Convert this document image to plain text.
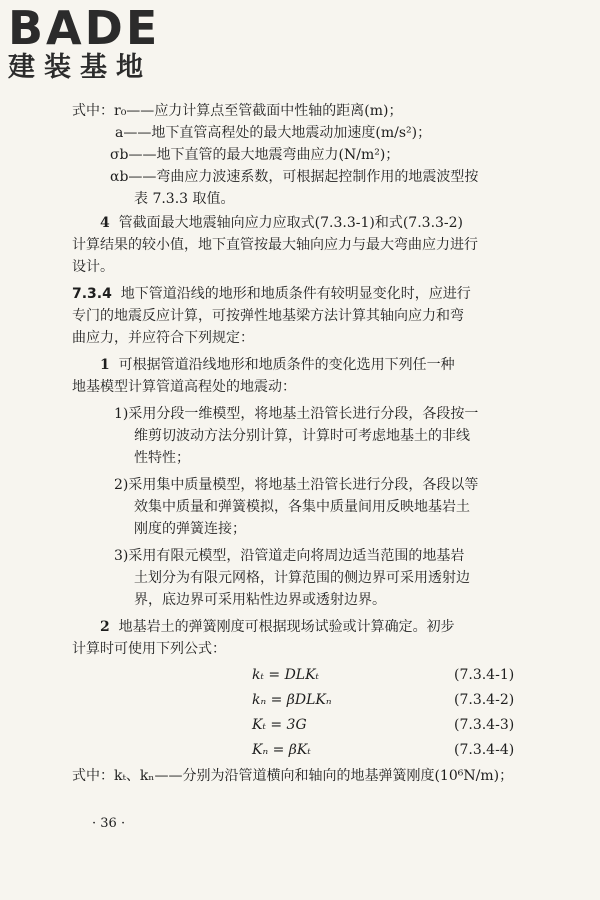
BADE
建装基地
式中：r₀——应力计算点至管截面中性轴的距离(m)；
a——地下直管高程处的最大地震动加速度(m/s²)；
σb——地下直管的最大地震弯曲应力(N/m²)；
αb——弯曲应力波速系数，可根据起控制作用的地震波型按
表 7.3.3 取值。
4 管截面最大地震轴向应力应取式(7.3.3-1)和式(7.3.3-2)
计算结果的较小值，地下直管按最大轴向应力与最大弯曲应力进行
设计。
7.3.4 地下管道沿线的地形和地质条件有较明显变化时，应进行
专门的地震反应计算，可按弹性地基梁方法计算其轴向应力和弯
曲应力，并应符合下列规定：
1 可根据管道沿线地形和地质条件的变化选用下列任一种
地基模型计算管道高程处的地震动：
1)采用分段一维模型，将地基土沿管长进行分段，各段按一
维剪切波动方法分别计算，计算时可考虑地基土的非线
性特性；
2)采用集中质量模型，将地基土沿管长进行分段，各段以等
效集中质量和弹簧模拟，各集中质量间用反映地基岩土
刚度的弹簧连接；
3)采用有限元模型，沿管道走向将周边适当范围的地基岩
土划分为有限元网格，计算范围的侧边界可采用透射边
界，底边界可采用粘性边界或透射边界。
2 地基岩土的弹簧刚度可根据现场试验或计算确定。初步
计算时可使用下列公式：
kₜ = DLKₜ	(7.3.4-1)
kₙ = βDLKₙ	(7.3.4-2)
Kₜ = 3G	(7.3.4-3)
Kₙ = βKₜ	(7.3.4-4)
式中：kₜ、kₙ——分别为沿管道横向和轴向的地基弹簧刚度(10⁶N/m)；
· 36 ·
